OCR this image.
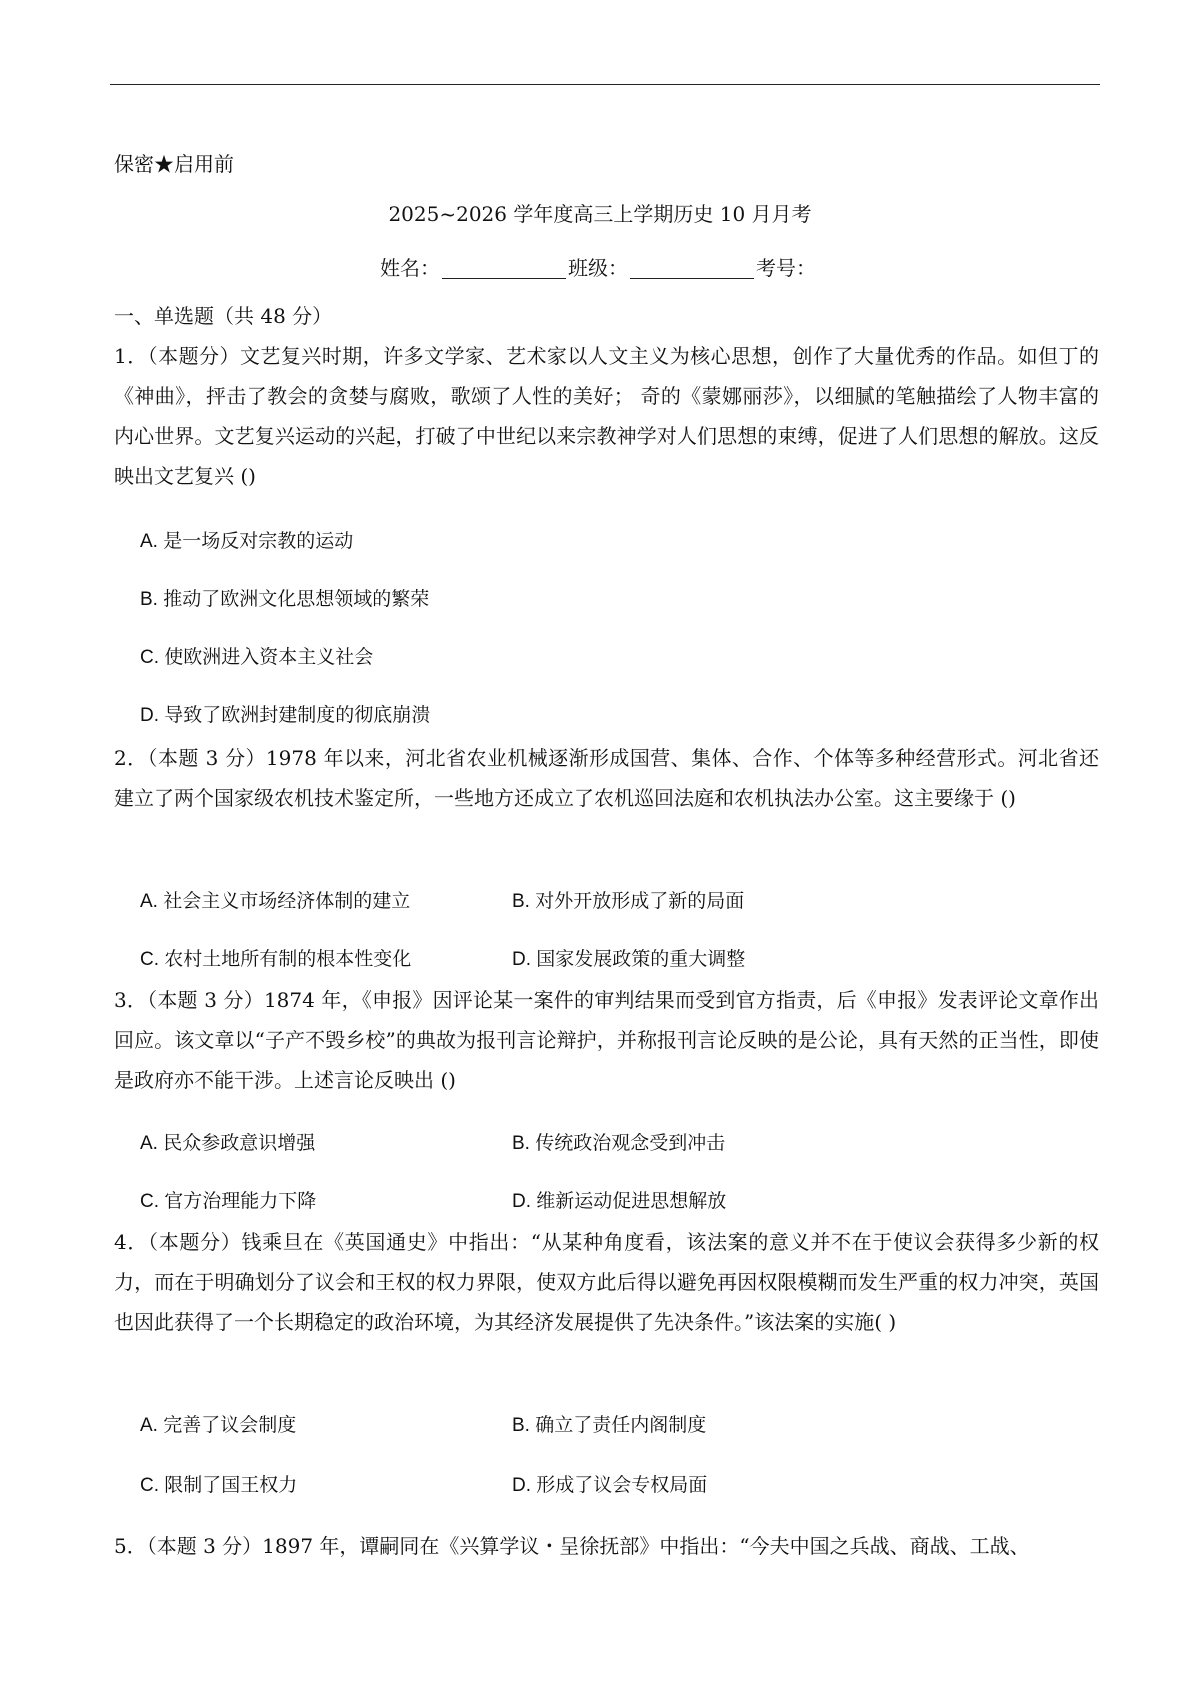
保密★启用前
2025~2026 学年度高三上学期历史 10 月月考
姓名：	班级：	考号：
一、单选题（共 48 分）
1．（本题分）文艺复兴时期，许多文学家、艺术家以人文主义为核心思想，创作了大量优秀的作品。如但丁的《神曲》，抨击了教会的贪婪与腐败，歌颂了人性的美好； 奇的《蒙娜丽莎》，以细腻的笔触描绘了人物丰富的内心世界。文艺复兴运动的兴起，打破了中世纪以来宗教神学对人们思想的束缚，促进了人们思想的解放。这反映出文艺复兴 ()
A. 是一场反对宗教的运动
B. 推动了欧洲文化思想领域的繁荣
C. 使欧洲进入资本主义社会
D. 导致了欧洲封建制度的彻底崩溃
2．（本题 3 分）1978 年以来，河北省农业机械逐渐形成国营、集体、合作、个体等多种经营形式。河北省还建立了两个国家级农机技术鉴定所，一些地方还成立了农机巡回法庭和农机执法办公室。这主要缘于 ()
A. 社会主义市场经济体制的建立	B. 对外开放形成了新的局面
C. 农村土地所有制的根本性变化	D. 国家发展政策的重大调整
3．（本题 3 分）1874 年，《申报》因评论某一案件的审判结果而受到官方指责，后《申报》发表评论文章作出回应。该文章以“子产不毁乡校”的典故为报刊言论辩护，并称报刊言论反映的是公论，具有天然的正当性，即使是政府亦不能干涉。上述言论反映出 ()
A. 民众参政意识增强	B. 传统政治观念受到冲击
C. 官方治理能力下降	D. 维新运动促进思想解放
4．（本题分）钱乘旦在《英国通史》中指出：“从某种角度看，该法案的意义并不在于使议会获得多少新的权力，而在于明确划分了议会和王权的权力界限，使双方此后得以避免再因权限模糊而发生严重的权力冲突，英国也因此获得了一个长期稳定的政治环境，为其经济发展提供了先决条件。”该法案的实施( )
A. 完善了议会制度	B. 确立了责任内阁制度
C. 限制了国王权力	D. 形成了议会专权局面
5．（本题 3 分）1897 年，谭嗣同在《兴算学议・呈徐抚部》中指出：“今夫中国之兵战、商战、工战、
